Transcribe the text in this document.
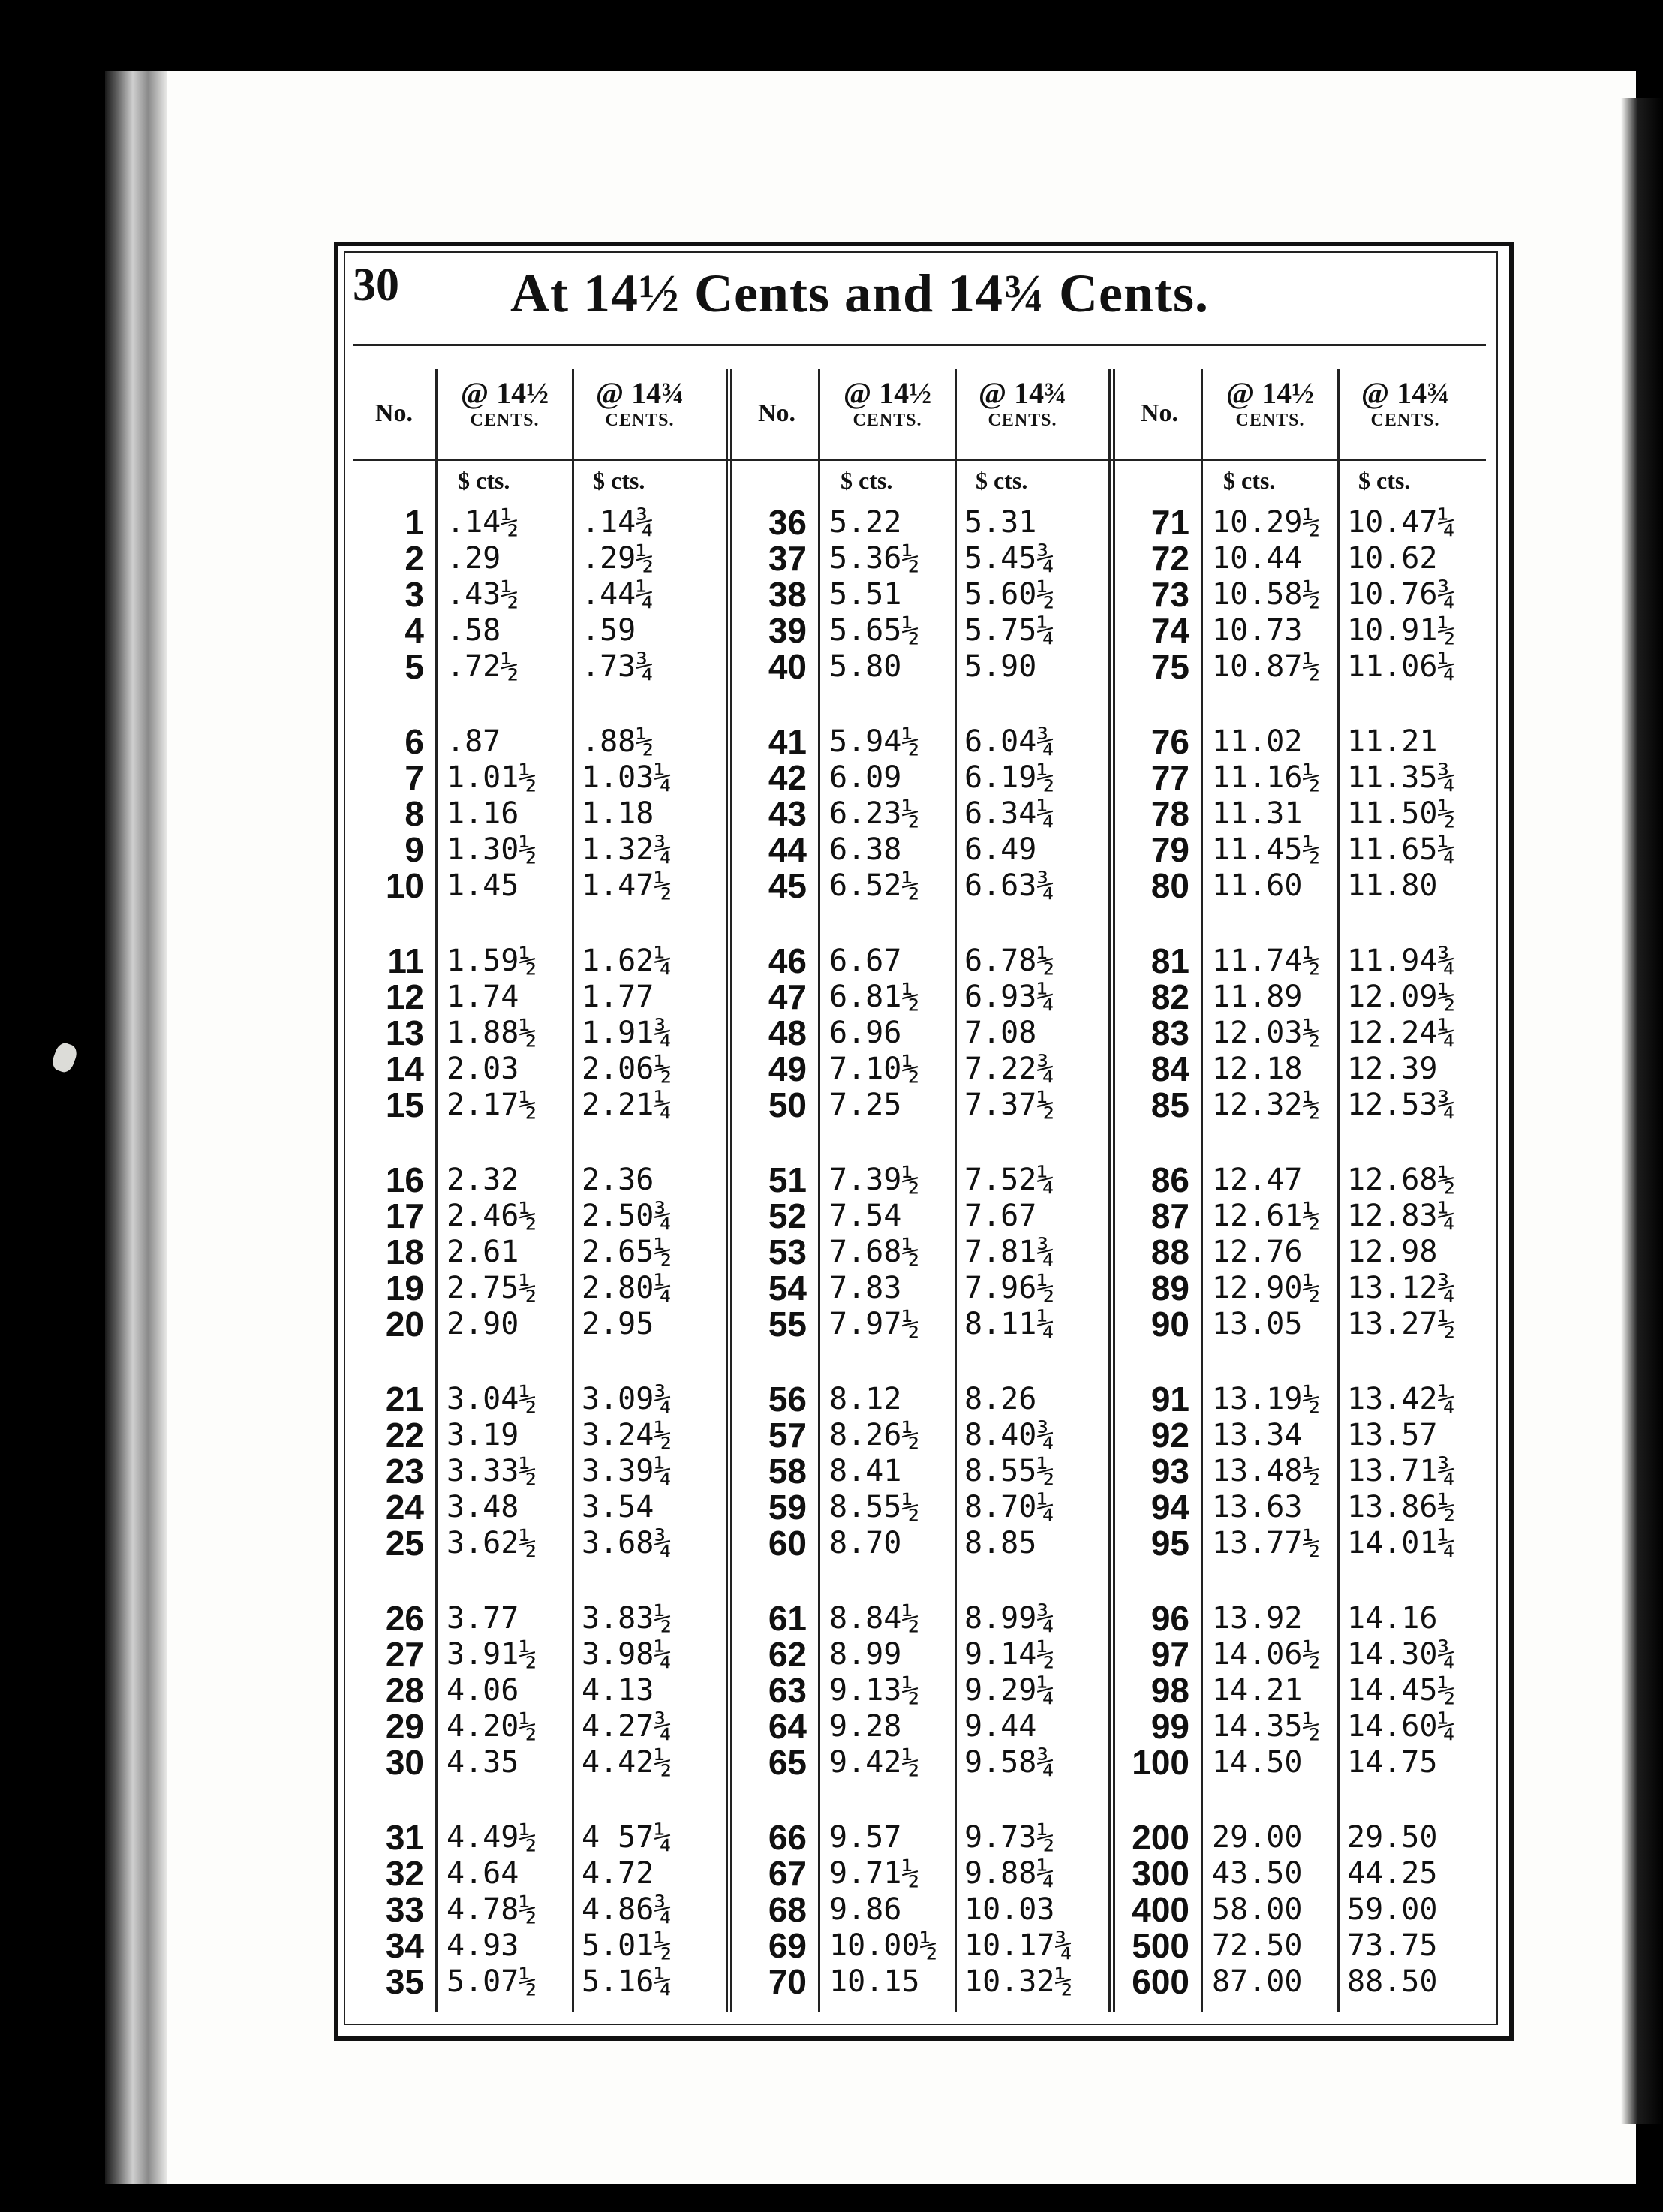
30 At 14½ Cents and 14¾ Cents.
No.
@ 14½
CENTS.
@ 14¾
CENTS.
$ cts.	$ cts.
1 .14½	.14¾
2 .29	.29½
3 .43½	.44¼
4 .58	.59
5 .72½	.73¾
6 .87	.88½
7 1.01½	1.03¼
8 1.16	1.18
9 1.30½	1.32¾
10 1.45	1.47½
11 1.59½	1.62¼
12 1.74	1.77
13 1.88½	1.91¾
14 2.03	2.06½
15 2.17½	2.21¼
16 2.32	2.36
17 2.46½	2.50¾
18 2.61	2.65½
19 2.75½	2.80¼
20 2.90	2.95
21 3.04½	3.09¾
22 3.19	3.24½
23 3.33½	3.39¼
24 3.48	3.54
25 3.62½	3.68¾
26 3.77	3.83½
27 3.91½	3.98¼
28 4.06	4.13
29 4.20½	4.27¾
30 4.35	4.42½
31 4.49½	4 57¼
32 4.64	4.72
33 4.78½	4.86¾
34 4.93	5.01½
35 5.07½	5.16¼
No.
@ 14½
CENTS.
@ 14¾
CENTS.
$ cts.	$ cts.
36 5.22	5.31
37 5.36½	5.45¾
38 5.51	5.60½
39 5.65½	5.75¼
40 5.80	5.90
41 5.94½	6.04¾
42 6.09	6.19½
43 6.23½	6.34¼
44 6.38	6.49
45 6.52½	6.63¾
46 6.67	6.78½
47 6.81½	6.93¼
48 6.96	7.08
49 7.10½	7.22¾
50 7.25	7.37½
51 7.39½	7.52¼
52 7.54	7.67
53 7.68½	7.81¾
54 7.83	7.96½
55 7.97½	8.11¼
56 8.12	8.26
57 8.26½	8.40¾
58 8.41	8.55½
59 8.55½	8.70¼
60 8.70	8.85
61 8.84½	8.99¾
62 8.99	9.14½
63 9.13½	9.29¼
64 9.28	9.44
65 9.42½	9.58¾
66 9.57	9.73½
67 9.71½	9.88¼
68 9.86	10.03
69 10.00½ 10.17¾
70 10.15	10.32½
No.
@ 14½
CENTS.
@ 14¾
CENTS.
$ cts.	$ cts.
71 10.29½ 10.47¼
72 10.44	10.62
73 10.58½ 10.76¾
74 10.73	10.91½
75 10.87½ 11.06¼
76 11.02	11.21
77 11.16½ 11.35¾
78 11.31	11.50½
79 11.45½ 11.65¼
80 11.60	11.80
81 11.74½ 11.94¾
82 11.89	12.09½
83 12.03½ 12.24¼
84 12.18	12.39
85 12.32½ 12.53¾
86 12.47	12.68½
87 12.61½ 12.83¼
88 12.76	12.98
89 12.90½ 13.12¾
90 13.05	13.27½
91 13.19½ 13.42¼
92 13.34	13.57
93 13.48½ 13.71¾
94 13.63	13.86½
95 13.77½ 14.01¼
96 13.92	14.16
97 14.06½ 14.30¾
98 14.21	14.45½
99 14.35½ 14.60¼
100 14.50	14.75
200 29.00	29.50
300 43.50	44.25
400 58.00	59.00
500 72.50	73.75
600 87.00	88.50
